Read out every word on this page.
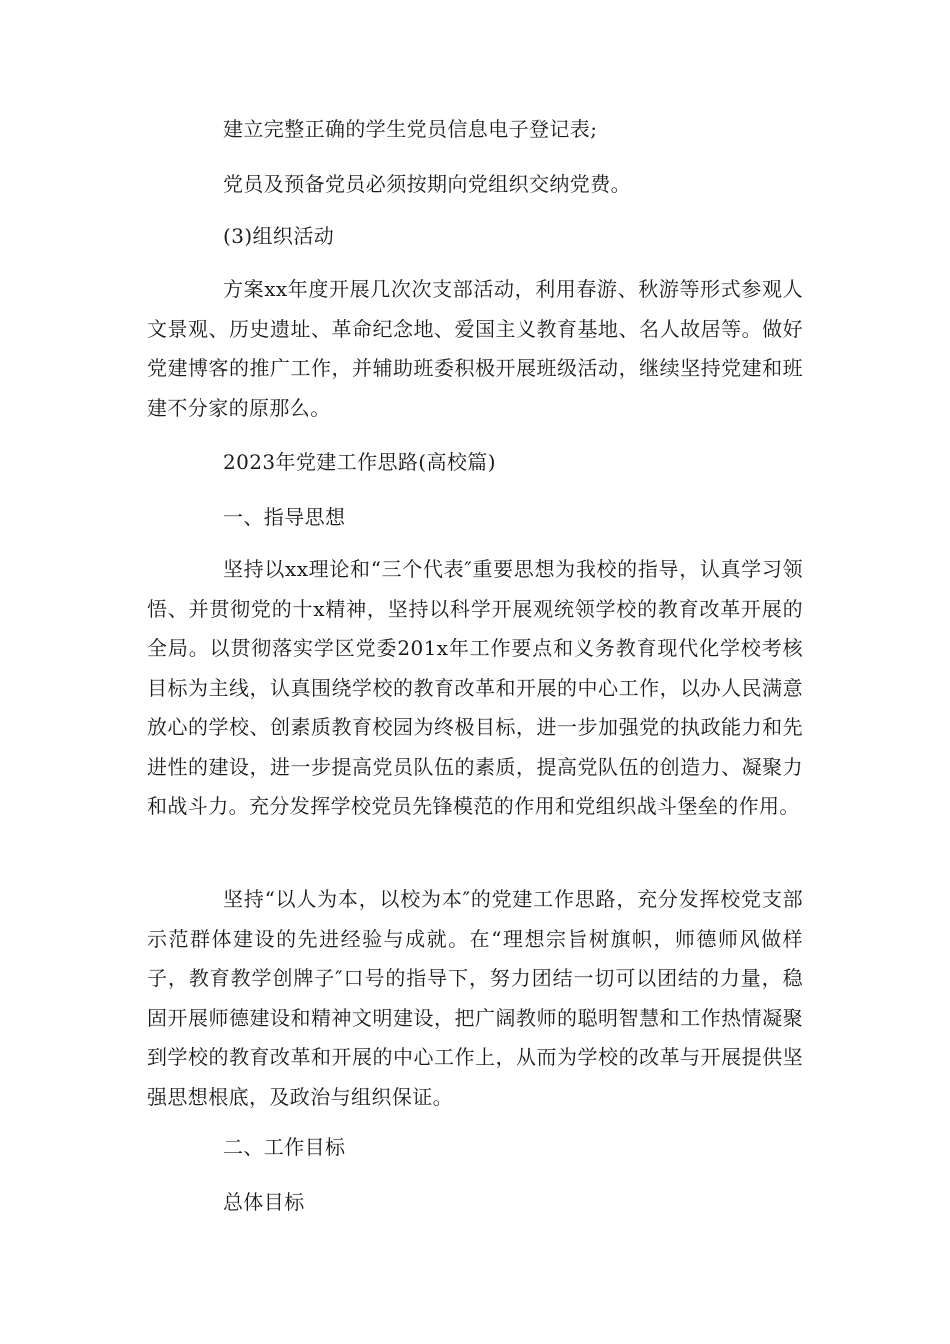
建立完整正确的学生党员信息电子登记表;

党员及预备党员必须按期向党组织交纳党费。

(3)组织活动

方案xx年度开展几次次支部活动，利用春游、秋游等形式参观人文景观、历史遗址、革命纪念地、爱国主义教育基地、名人故居等。做好党建博客的推广工作，并辅助班委积极开展班级活动，继续坚持党建和班建不分家的原那么。

2023年党建工作思路(高校篇)

一、指导思想

坚持以xx理论和“三个代表″重要思想为我校的指导，认真学习领悟、并贯彻党的十x精神，坚持以科学开展观统领学校的教育改革开展的全局。以贯彻落实学区党委201x年工作要点和义务教育现代化学校考核目标为主线，认真围绕学校的教育改革和开展的中心工作，以办人民满意放心的学校、创素质教育校园为终极目标，进一步加强党的执政能力和先进性的建设，进一步提高党员队伍的素质，提高党队伍的创造力、凝聚力和战斗力。充分发挥学校党员先锋模范的作用和党组织战斗堡垒的作用。

坚持“以人为本，以校为本″的党建工作思路，充分发挥校党支部示范群体建设的先进经验与成就。在“理想宗旨树旗帜，师德师风做样子，教育教学创牌子″口号的指导下，努力团结一切可以团结的力量，稳固开展师德建设和精神文明建设，把广阔教师的聪明智慧和工作热情凝聚到学校的教育改革和开展的中心工作上，从而为学校的改革与开展提供坚强思想根底，及政治与组织保证。

二、工作目标

总体目标
